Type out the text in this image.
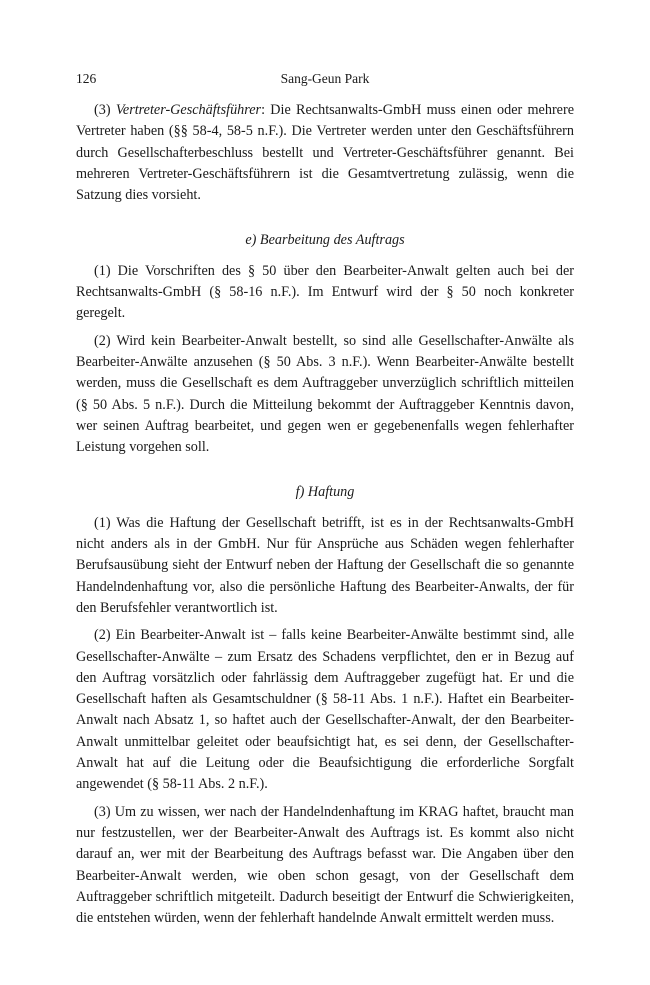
126	Sang-Geun Park

(3) Vertreter-Geschäftsführer: Die Rechtsanwalts-GmbH muss einen oder mehrere Vertreter haben (§§ 58-4, 58-5 n.F.). Die Vertreter werden unter den Geschäftsführern durch Gesellschafterbeschluss bestellt und Vertreter-Geschäftsführer genannt. Bei mehreren Vertreter-Geschäftsführern ist die Gesamtvertretung zulässig, wenn die Satzung dies vorsieht.

e) Bearbeitung des Auftrags

(1) Die Vorschriften des § 50 über den Bearbeiter-Anwalt gelten auch bei der Rechtsanwalts-GmbH (§ 58-16 n.F.). Im Entwurf wird der § 50 noch konkreter geregelt.

(2) Wird kein Bearbeiter-Anwalt bestellt, so sind alle Gesellschafter-Anwälte als Bearbeiter-Anwälte anzusehen (§ 50 Abs. 3 n.F.). Wenn Bearbeiter-Anwälte bestellt werden, muss die Gesellschaft es dem Auftraggeber unverzüglich schriftlich mitteilen (§ 50 Abs. 5 n.F.). Durch die Mitteilung bekommt der Auftraggeber Kenntnis davon, wer seinen Auftrag bearbeitet, und gegen wen er gegebenenfalls wegen fehlerhafter Leistung vorgehen soll.

f) Haftung

(1) Was die Haftung der Gesellschaft betrifft, ist es in der Rechtsanwalts-GmbH nicht anders als in der GmbH. Nur für Ansprüche aus Schäden wegen fehlerhafter Berufsausübung sieht der Entwurf neben der Haftung der Gesellschaft die so genannte Handelndenhaftung vor, also die persönliche Haftung des Bearbeiter-Anwalts, der für den Berufsfehler verantwortlich ist.

(2) Ein Bearbeiter-Anwalt ist – falls keine Bearbeiter-Anwälte bestimmt sind, alle Gesellschafter-Anwälte – zum Ersatz des Schadens verpflichtet, den er in Bezug auf den Auftrag vorsätzlich oder fahrlässig dem Auftraggeber zugefügt hat. Er und die Gesellschaft haften als Gesamtschuldner (§ 58-11 Abs. 1 n.F.). Haftet ein Bearbeiter-Anwalt nach Absatz 1, so haftet auch der Gesellschafter-Anwalt, der den Bearbeiter-Anwalt unmittelbar geleitet oder beaufsichtigt hat, es sei denn, der Gesellschafter-Anwalt hat auf die Leitung oder die Beaufsichtigung die erforderliche Sorgfalt angewendet (§ 58-11 Abs. 2 n.F.).

(3) Um zu wissen, wer nach der Handelndenhaftung im KRAG haftet, braucht man nur festzustellen, wer der Bearbeiter-Anwalt des Auftrags ist. Es kommt also nicht darauf an, wer mit der Bearbeitung des Auftrags befasst war. Die Angaben über den Bearbeiter-Anwalt werden, wie oben schon gesagt, von der Gesellschaft dem Auftraggeber schriftlich mitgeteilt. Dadurch beseitigt der Entwurf die Schwierigkeiten, die entstehen würden, wenn der fehlerhaft handelnde Anwalt ermittelt werden muss.
